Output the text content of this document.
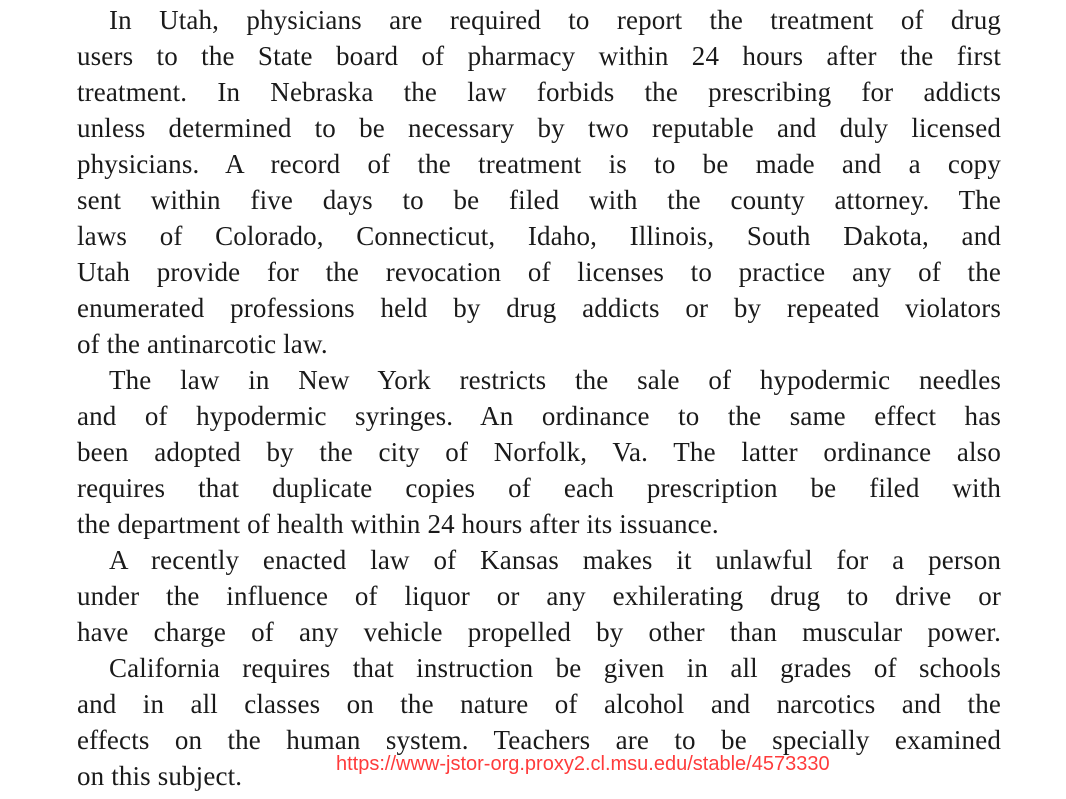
In Utah, physicians are required to report the treatment of drug
users to the State board of pharmacy within 24 hours after the first
treatment. In Nebraska the law forbids the prescribing for addicts
unless determined to be necessary by two reputable and duly licensed
physicians. A record of the treatment is to be made and a copy
sent within five days to be filed with the county attorney. The
laws of Colorado, Connecticut, Idaho, Illinois, South Dakota, and
Utah provide for the revocation of licenses to practice any of the
enumerated professions held by drug addicts or by repeated violators
of the antinarcotic law.
The law in New York restricts the sale of hypodermic needles
and of hypodermic syringes. An ordinance to the same effect has
been adopted by the city of Norfolk, Va. The latter ordinance also
requires that duplicate copies of each prescription be filed with
the department of health within 24 hours after its issuance.
A recently enacted law of Kansas makes it unlawful for a person
under the influence of liquor or any exhilerating drug to drive or
have charge of any vehicle propelled by other than muscular power.
California requires that instruction be given in all grades of schools
and in all classes on the nature of alcohol and narcotics and the
effects on the human system. Teachers are to be specially examined
on this subject.	https://www-jstor-org.proxy2.cl.msu.edu/stable/4573330
